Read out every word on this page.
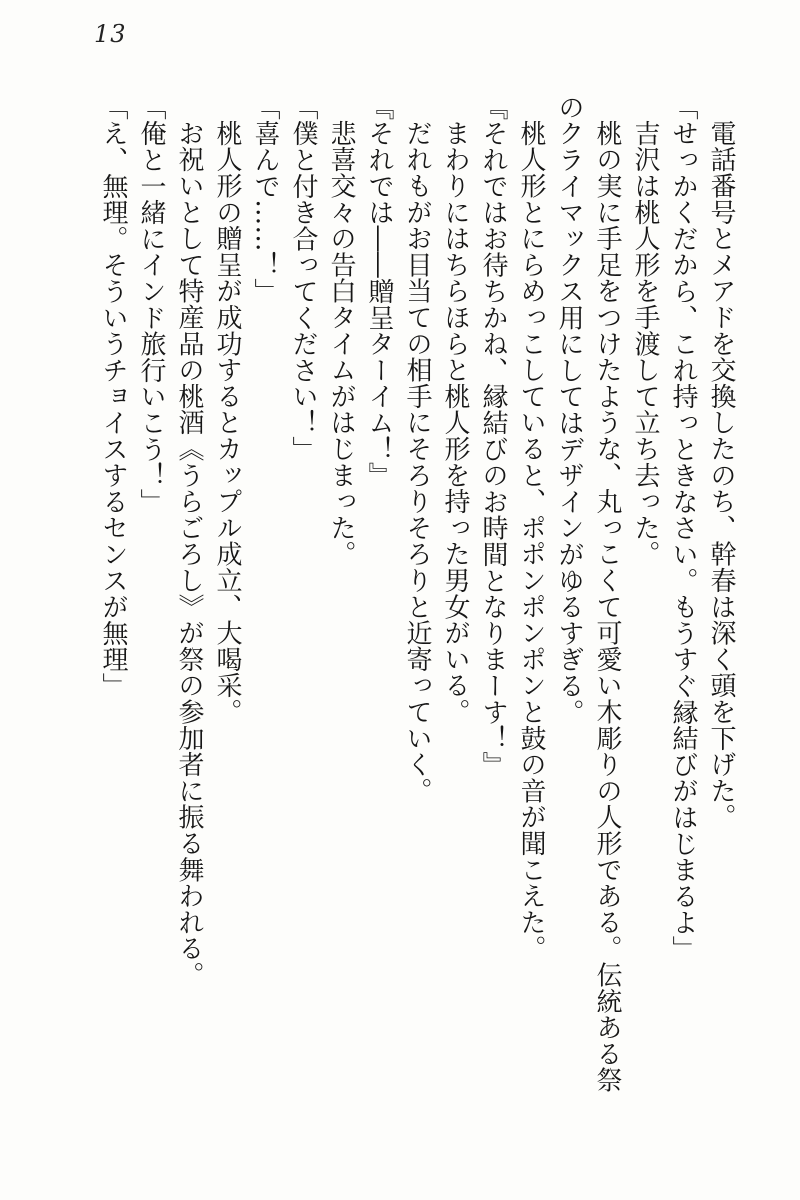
13

電話番号とメアドを交換したのち、幹春は深く頭を下げた。

「せっかくだから、これ持っときなさい。もうすぐ縁結びがはじまるよ」

吉沢は桃人形を手渡して立ち去った。

桃の実に手足をつけたような、丸っこくて可愛い木彫りの人形である。伝統ある祭のクライマックス用にしてはデザインがゆるすぎる。

桃人形とにらめっこしていると、ポポンポンポンと鼓の音が聞こえた。

『それではお待ちかね、縁結びのお時間となりまーす！』

まわりにはちらほらと桃人形を持った男女がいる。

だれもがお目当ての相手にそろりそろりと近寄っていく。

『それでは――贈呈ターイム！』

悲喜交々の告白タイムがはじまった。

「僕と付き合ってください！」

「喜んで……！」

桃人形の贈呈が成功するとカップル成立、大喝采。

お祝いとして特産品の桃酒《うらごろし》が祭の参加者に振る舞われる。

「俺と一緒にインド旅行いこう！」

「え、無理。そういうチョイスするセンスが無理」
